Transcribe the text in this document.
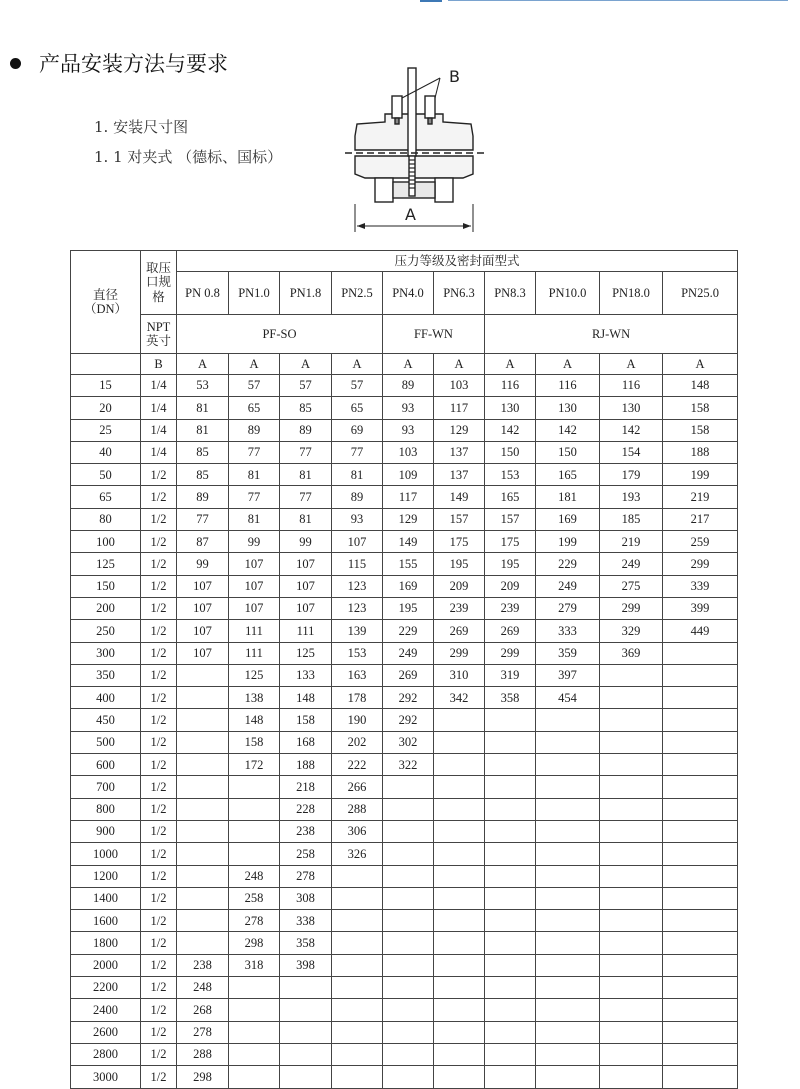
产品安装方法与要求
1. 安装尺寸图
1. 1 对夹式 （德标、国标）
B
A
直径
（DN）	取压口规格	压力等级及密封面型式									
		PN 0.8	PN1.0	PN1.8	PN2.5	PN4.0	PN6.3	PN8.3	PN10.0	PN18.0	PN25.0
	NPT英寸	PF-SO				FF-WN		RJ-WN			
	B	A	A	A	A	A	A	A	A	A	A
15	1/4	53	57	57	57	89	103	116	116	116	148
20	1/4	81	65	85	65	93	117	130	130	130	158
25	1/4	81	89	89	69	93	129	142	142	142	158
40	1/4	85	77	77	77	103	137	150	150	154	188
50	1/2	85	81	81	81	109	137	153	165	179	199
65	1/2	89	77	77	89	117	149	165	181	193	219
80	1/2	77	81	81	93	129	157	157	169	185	217
100	1/2	87	99	99	107	149	175	175	199	219	259
125	1/2	99	107	107	115	155	195	195	229	249	299
150	1/2	107	107	107	123	169	209	209	249	275	339
200	1/2	107	107	107	123	195	239	239	279	299	399
250	1/2	107	111	111	139	229	269	269	333	329	449
300	1/2	107	111	125	153	249	299	299	359	369	
350	1/2		125	133	163	269	310	319	397		
400	1/2		138	148	178	292	342	358	454		
450	1/2		148	158	190	292					
500	1/2		158	168	202	302					
600	1/2		172	188	222	322					
700	1/2			218	266						
800	1/2			228	288						
900	1/2			238	306						
1000	1/2			258	326						
1200	1/2		248	278							
1400	1/2		258	308							
1600	1/2		278	338							
1800	1/2		298	358							
2000	1/2	238	318	398							
2200	1/2	248									
2400	1/2	268									
2600	1/2	278									
2800	1/2	288									
3000	1/2	298									
